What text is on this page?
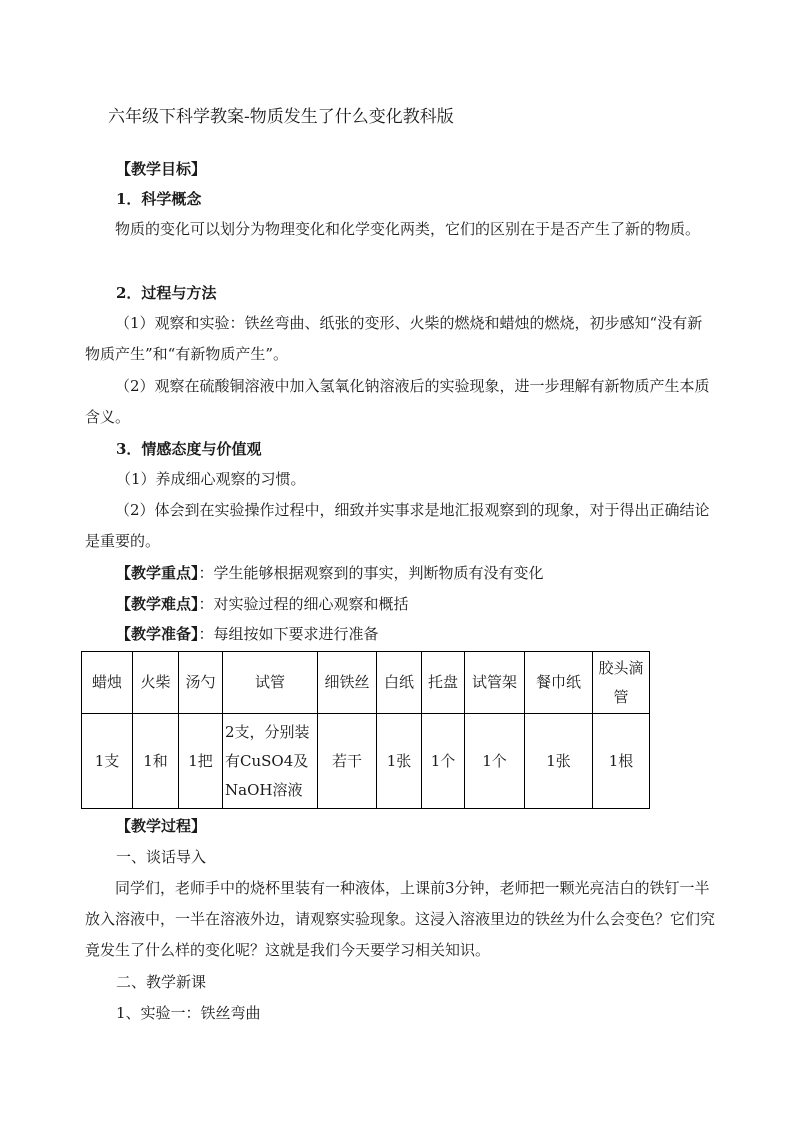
六年级下科学教案-物质发生了什么变化教科版
【教学目标】
1．科学概念
物质的变化可以划分为物理变化和化学变化两类，它们的区别在于是否产生了新的物质。
2．过程与方法
（1）观察和实验：铁丝弯曲、纸张的变形、火柴的燃烧和蜡烛的燃烧，初步感知“没有新物质产生”和“有新物质产生”。
（2）观察在硫酸铜溶液中加入氢氧化钠溶液后的实验现象，进一步理解有新物质产生本质含义。
3．情感态度与价值观
（1）养成细心观察的习惯。
（2）体会到在实验操作过程中，细致并实事求是地汇报观察到的现象，对于得出正确结论是重要的。
【教学重点】：学生能够根据观察到的事实，判断物质有没有变化
【教学难点】：对实验过程的细心观察和概括
【教学准备】：每组按如下要求进行准备
蜡烛	火柴	汤勺	试管	细铁丝	白纸	托盘	试管架	餐巾纸	胶头滴管
1支	1和	1把	2支，分别装有CuSO4及NaOH溶液	若干	1张	1个	1个	1张	1根
【教学过程】
一、谈话导入
同学们，老师手中的烧杯里装有一种液体，上课前3分钟，老师把一颗光亮洁白的铁钉一半放入溶液中，一半在溶液外边，请观察实验现象。这浸入溶液里边的铁丝为什么会变色？它们究竟发生了什么样的变化呢？这就是我们今天要学习相关知识。
二、教学新课
1、实验一：铁丝弯曲
